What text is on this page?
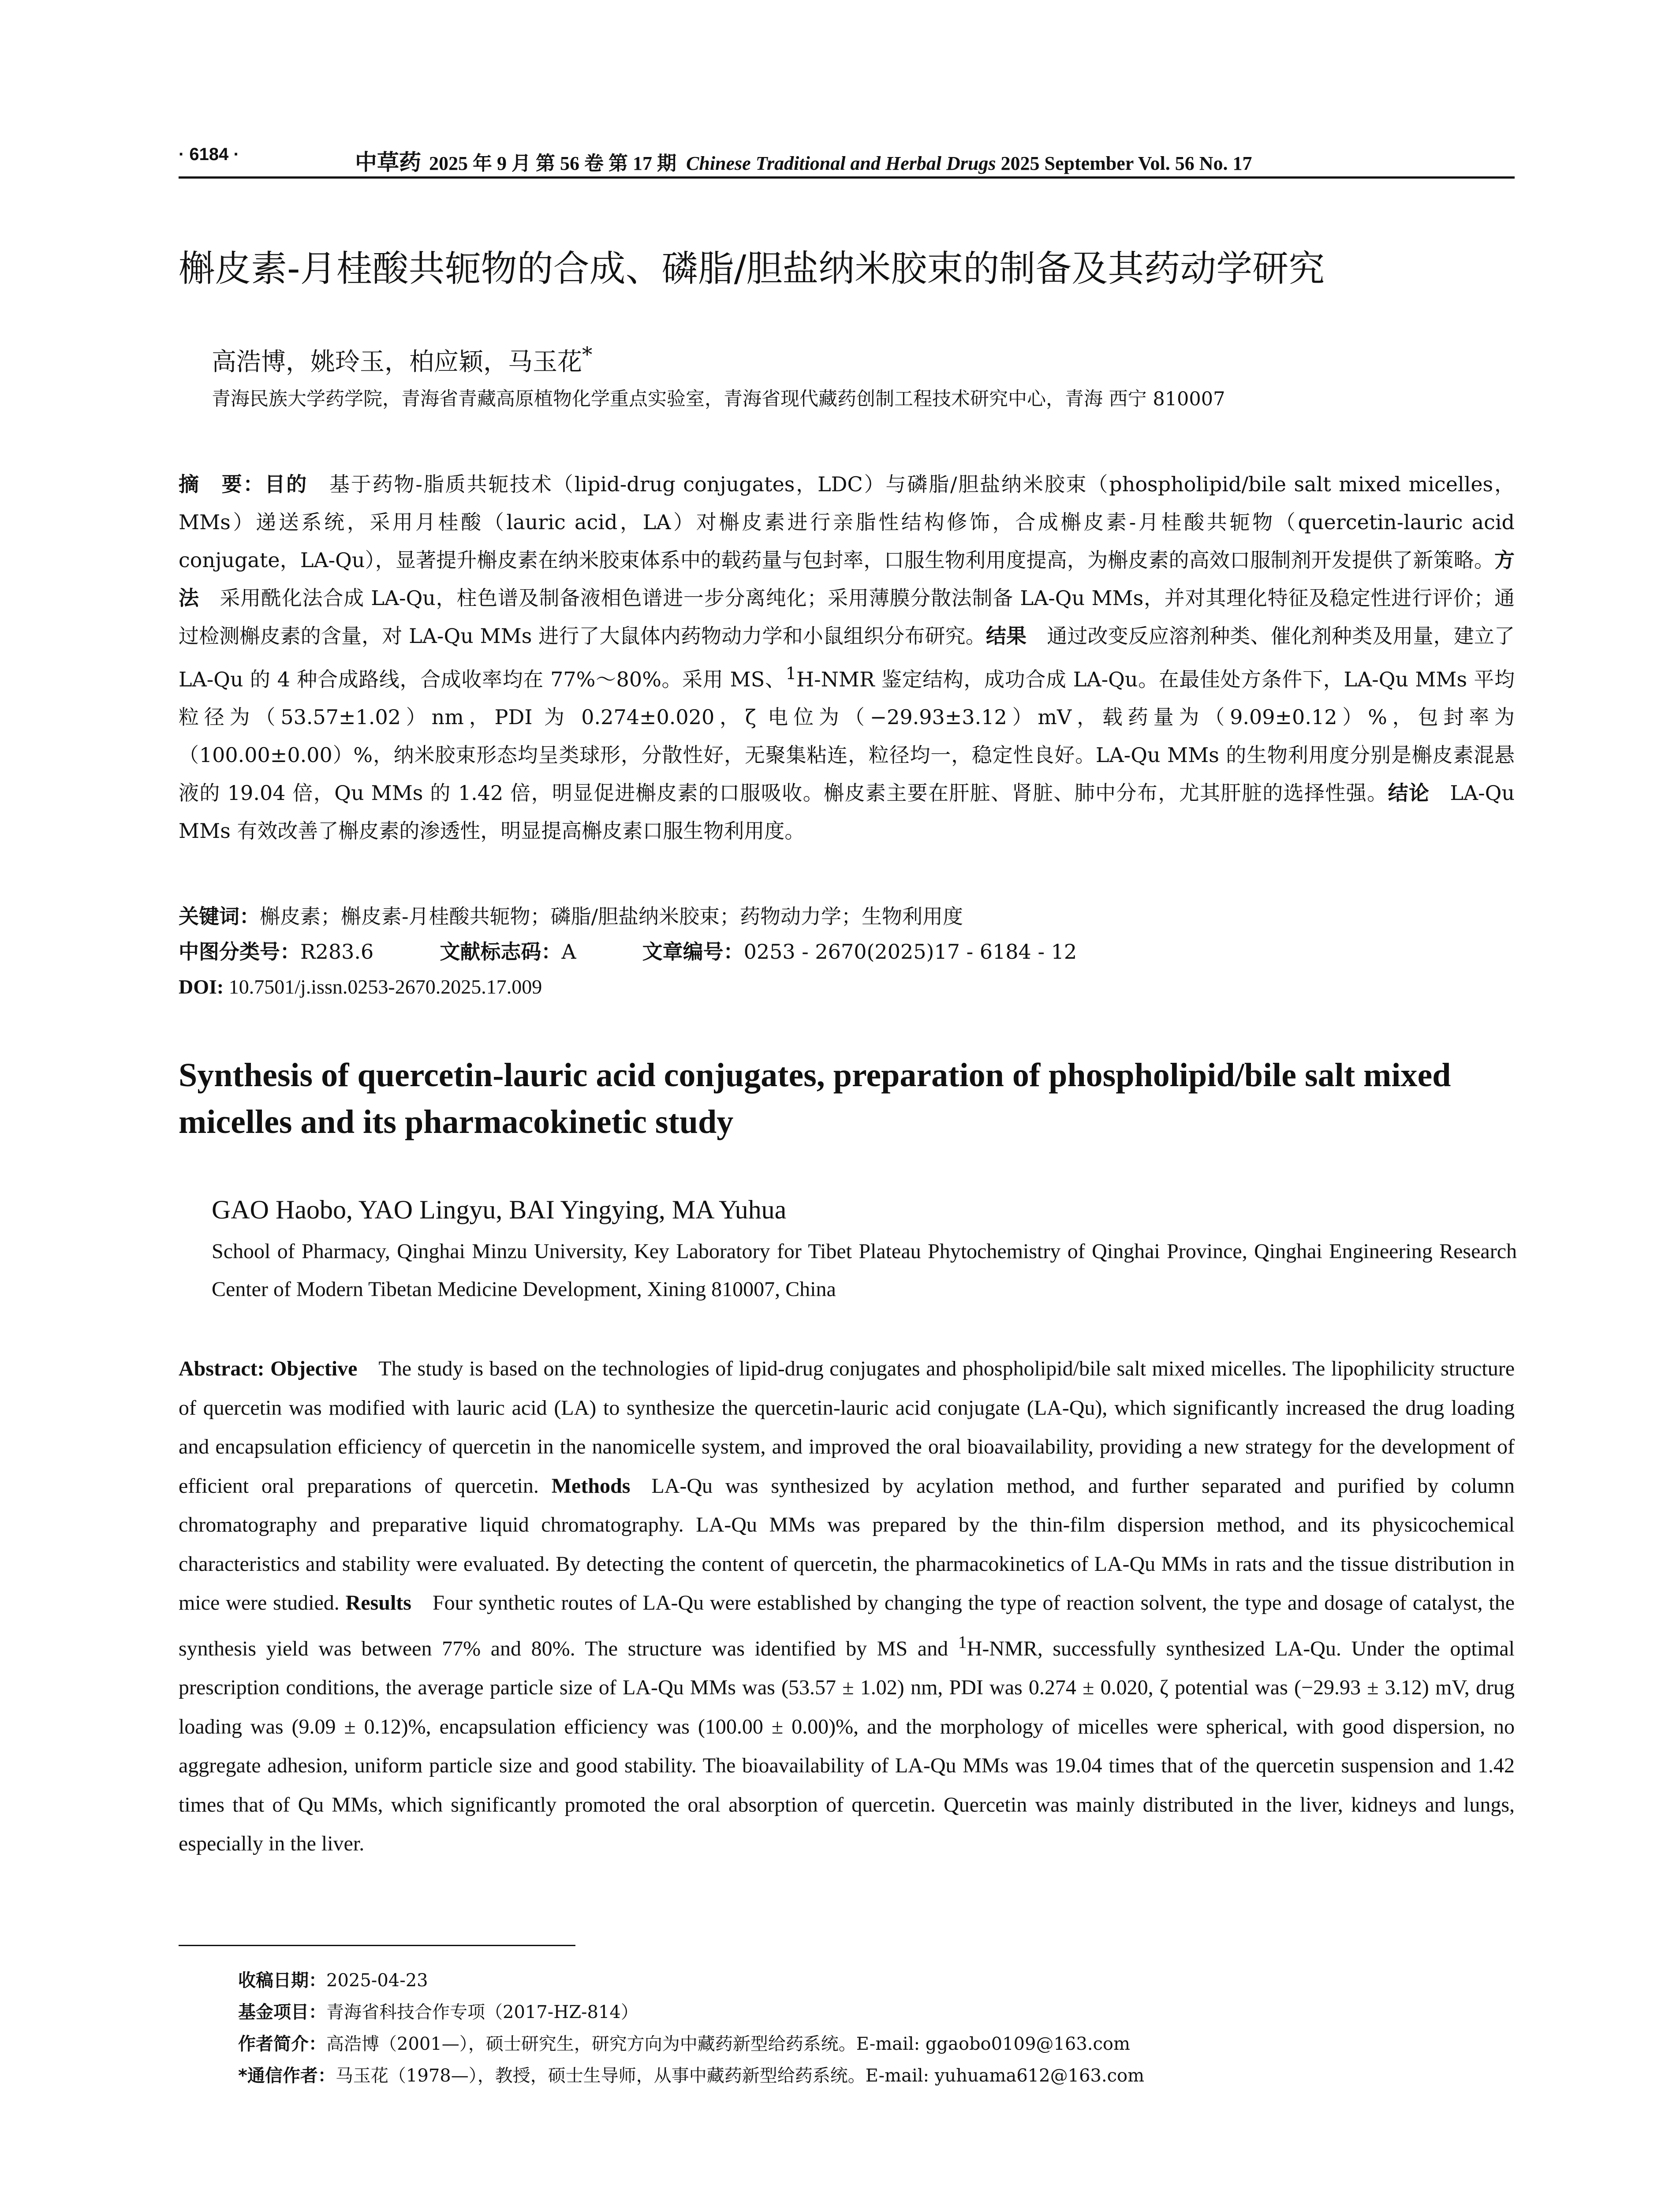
· 6184 ·	中草药 2025 年 9 月 第 56 卷 第 17 期 Chinese Traditional and Herbal Drugs 2025 September Vol. 56 No. 17
槲皮素-月桂酸共轭物的合成、磷脂/胆盐纳米胶束的制备及其药动学研究
高浩博，姚玲玉，柏应颖，马玉花*
青海民族大学药学院，青海省青藏高原植物化学重点实验室，青海省现代藏药创制工程技术研究中心，青海 西宁 810007
摘　要：目的  基于药物-脂质共轭技术（lipid-drug conjugates，LDC）与磷脂/胆盐纳米胶束（phospholipid/bile salt mixed micelles，MMs）递送系统，采用月桂酸（lauric acid，LA）对槲皮素进行亲脂性结构修饰，合成槲皮素-月桂酸共轭物（quercetin-lauric acid conjugate，LA-Qu），显著提升槲皮素在纳米胶束体系中的载药量与包封率，口服生物利用度提高，为槲皮素的高效口服制剂开发提供了新策略。方法  采用酰化法合成 LA-Qu，柱色谱及制备液相色谱进一步分离纯化；采用薄膜分散法制备 LA-Qu MMs，并对其理化特征及稳定性进行评价；通过检测槲皮素的含量，对 LA-Qu MMs 进行了大鼠体内药物动力学和小鼠组织分布研究。结果  通过改变反应溶剂种类、催化剂种类及用量，建立了 LA-Qu 的 4 种合成路线，合成收率均在 77%～80%。采用 MS、$^1$H-NMR 鉴定结构，成功合成 LA-Qu。在最佳处方条件下，LA-Qu MMs 平均粒径为（53.57±1.02）nm，PDI 为 0.274±0.020，ζ 电位为（−29.93±3.12）mV，载药量为（9.09±0.12）%，包封率为（100.00±0.00）%，纳米胶束形态均呈类球形，分散性好，无聚集粘连，粒径均一，稳定性良好。LA-Qu MMs 的生物利用度分别是槲皮素混悬液的 19.04 倍，Qu MMs 的 1.42 倍，明显促进槲皮素的口服吸收。槲皮素主要在肝脏、肾脏、肺中分布，尤其肝脏的选择性强。结论  LA-Qu MMs 有效改善了槲皮素的渗透性，明显提高槲皮素口服生物利用度。
关键词：槲皮素；槲皮素-月桂酸共轭物；磷脂/胆盐纳米胶束；药物动力学；生物利用度
中图分类号：R283.6	文献标志码：A	文章编号：0253 - 2670(2025)17 - 6184 - 12
DOI: 10.7501/j.issn.0253-2670.2025.17.009
Synthesis of quercetin-lauric acid conjugates, preparation of phospholipid/bile salt mixed micelles and its pharmacokinetic study
GAO Haobo, YAO Lingyu, BAI Yingying, MA Yuhua
School of Pharmacy, Qinghai Minzu University, Key Laboratory for Tibet Plateau Phytochemistry of Qinghai Province, Qinghai Engineering Research Center of Modern Tibetan Medicine Development, Xining 810007, China
Abstract: Objective  The study is based on the technologies of lipid-drug conjugates and phospholipid/bile salt mixed micelles. The lipophilicity structure of quercetin was modified with lauric acid (LA) to synthesize the quercetin-lauric acid conjugate (LA-Qu), which significantly increased the drug loading and encapsulation efficiency of quercetin in the nanomicelle system, and improved the oral bioavailability, providing a new strategy for the development of efficient oral preparations of quercetin. Methods  LA-Qu was synthesized by acylation method, and further separated and purified by column chromatography and preparative liquid chromatography. LA-Qu MMs was prepared by the thin-film dispersion method, and its physicochemical characteristics and stability were evaluated. By detecting the content of quercetin, the pharmacokinetics of LA-Qu MMs in rats and the tissue distribution in mice were studied. Results  Four synthetic routes of LA-Qu were established by changing the type of reaction solvent, the type and dosage of catalyst, the synthesis yield was between 77% and 80%. The structure was identified by MS and $^1$H-NMR, successfully synthesized LA-Qu. Under the optimal prescription conditions, the average particle size of LA-Qu MMs was (53.57 ± 1.02) nm, PDI was 0.274 ± 0.020, ζ potential was (−29.93 ± 3.12) mV, drug loading was (9.09 ± 0.12)%, encapsulation efficiency was (100.00 ± 0.00)%, and the morphology of micelles were spherical, with good dispersion, no aggregate adhesion, uniform particle size and good stability. The bioavailability of LA-Qu MMs was 19.04 times that of the quercetin suspension and 1.42 times that of Qu MMs, which significantly promoted the oral absorption of quercetin. Quercetin was mainly distributed in the liver, kidneys and lungs, especially in the liver.
收稿日期：2025-04-23
基金项目：青海省科技合作专项（2017-HZ-814）
作者简介：高浩博（2001—），硕士研究生，研究方向为中藏药新型给药系统。E-mail: ggaobo0109@163.com
*通信作者：马玉花（1978—），教授，硕士生导师，从事中藏药新型给药系统。E-mail: yuhuama612@163.com
